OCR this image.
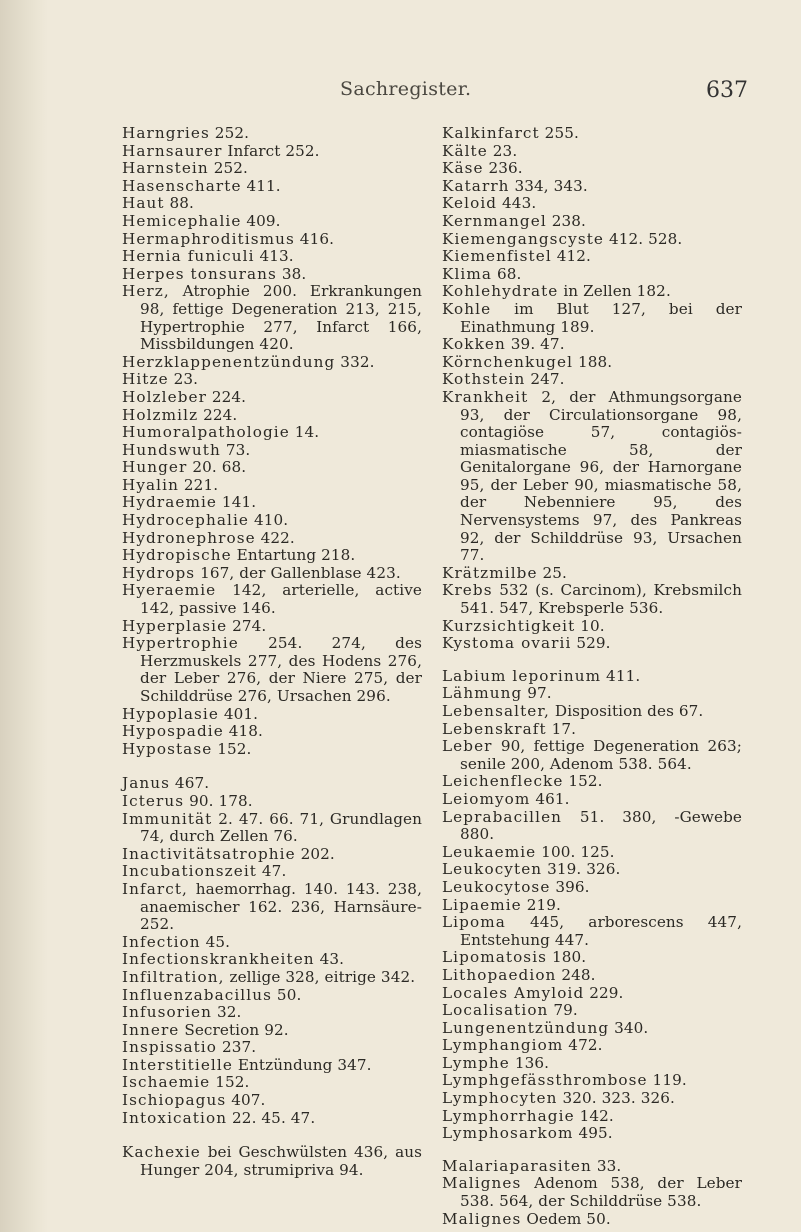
Sachregister.	637
Harngries 252.
Harnsaurer Infarct 252.
Harnstein 252.
Hasenscharte 411.
Haut 88.
Hemicephalie 409.
Hermaphroditismus 416.
Hernia funiculi 413.
Herpes tonsurans 38.
Herz, Atrophie 200. Erkrankungen 98, fettige Degeneration 213, 215, Hypertrophie 277, Infarct 166, Missbildungen 420.
Herzklappenentzündung 332.
Hitze 23.
Holzleber 224.
Holzmilz 224.
Humoralpathologie 14.
Hundswuth 73.
Hunger 20. 68.
Hyalin 221.
Hydraemie 141.
Hydrocephalie 410.
Hydronephrose 422.
Hydropische Entartung 218.
Hydrops 167, der Gallenblase 423.
Hyeraemie 142, arterielle, active 142, passive 146.
Hyperplasie 274.
Hypertrophie 254. 274, des Herzmuskels 277, des Hodens 276, der Leber 276, der Niere 275, der Schilddrüse 276, Ursachen 296.
Hypoplasie 401.
Hypospadie 418.
Hypostase 152.
Janus 467.
Icterus 90. 178.
Immunität 2. 47. 66. 71, Grundlagen 74, durch Zellen 76.
Inactivitätsatrophie 202.
Incubationszeit 47.
Infarct, haemorrhag. 140. 143. 238, anaemischer 162. 236, Harnsäure- 252.
Infection 45.
Infectionskrankheiten 43.
Infiltration, zellige 328, eitrige 342.
Influenzabacillus 50.
Infusorien 32.
Innere Secretion 92.
Inspissatio 237.
Interstitielle Entzündung 347.
Ischaemie 152.
Ischiopagus 407.
Intoxication 22. 45. 47.
Kachexie bei Geschwülsten 436, aus Hunger 204, strumipriva 94.
Kalkinfarct 255.
Kälte 23.
Käse 236.
Katarrh 334, 343.
Keloid 443.
Kernmangel 238.
Kiemengangscyste 412. 528.
Kiemenfistel 412.
Klima 68.
Kohlehydrate in Zellen 182.
Kohle im Blut 127, bei der Einathmung 189.
Kokken 39. 47.
Körnchenkugel 188.
Kothstein 247.
Krankheit 2, der Athmungsorgane 93, der Circulationsorgane 98, contagiöse 57, contagiös-miasmatische 58, der Genitalorgane 96, der Harnorgane 95, der Leber 90, miasmatische 58, der Nebenniere 95, des Nervensystems 97, des Pankreas 92, der Schilddrüse 93, Ursachen 77.
Krätzmilbe 25.
Krebs 532 (s. Carcinom), Krebsmilch 541. 547, Krebsperle 536.
Kurzsichtigkeit 10.
Kystoma ovarii 529.
Labium leporinum 411.
Lähmung 97.
Lebensalter, Disposition des 67.
Lebenskraft 17.
Leber 90, fettige Degeneration 263; senile 200, Adenom 538. 564.
Leichenflecke 152.
Leiomyom 461.
Leprabacillen 51. 380, -Gewebe 880.
Leukaemie 100. 125.
Leukocyten 319. 326.
Leukocytose 396.
Lipaemie 219.
Lipoma 445, arborescens 447, Entstehung 447.
Lipomatosis 180.
Lithopaedion 248.
Locales Amyloid 229.
Localisation 79.
Lungenentzündung 340.
Lymphangiom 472.
Lymphe 136.
Lymphgefässthrombose 119.
Lymphocyten 320. 323. 326.
Lymphorrhagie 142.
Lymphosarkom 495.
Malariaparasiten 33.
Malignes Adenom 538, der Leber 538. 564, der Schilddrüse 538.
Malignes Oedem 50.
